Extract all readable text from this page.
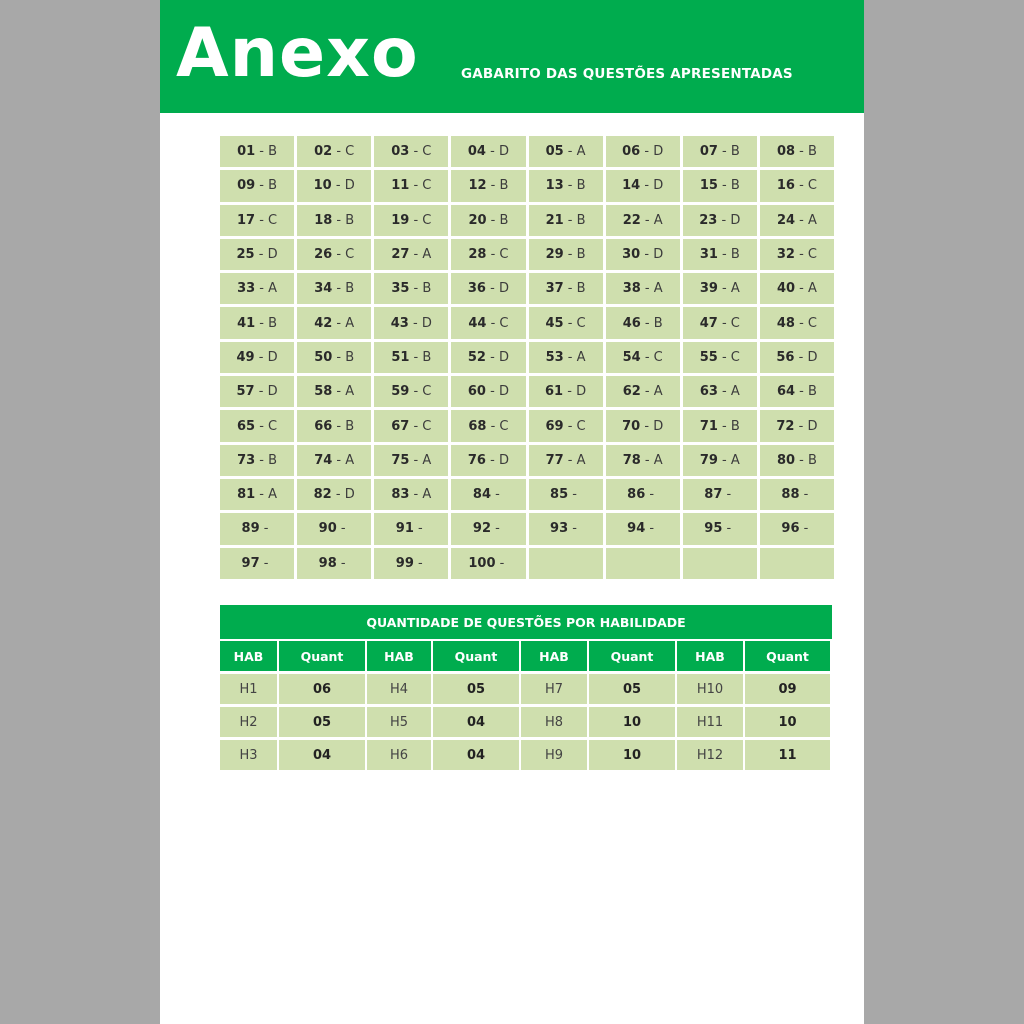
Anexo	GABARITO DAS QUESTÕES APRESENTADAS
01 - B	02 - C	03 - C	04 - D	05 - A	06 - D	07 - B	08 - B
09 - B	10 - D	11 - C	12 - B	13 - B	14 - D	15 - B	16 - C
17 - C	18 - B	19 - C	20 - B	21 - B	22 - A	23 - D	24 - A
25 - D	26 - C	27 - A	28 - C	29 - B	30 - D	31 - B	32 - C
33 - A	34 - B	35 - B	36 - D	37 - B	38 - A	39 - A	40 - A
41 - B	42 - A	43 - D	44 - C	45 - C	46 - B	47 - C	48 - C
49 - D	50 - B	51 - B	52 - D	53 - A	54 - C	55 - C	56 - D
57 - D	58 - A	59 - C	60 - D	61 - D	62 - A	63 - A	64 - B
65 - C	66 - B	67 - C	68 - C	69 - C	70 - D	71 - B	72 - D
73 - B	74 - A	75 - A	76 - D	77 - A	78 - A	79 - A	80 - B
81 - A	82 - D	83 - A	84 -	85 -	86 -	87 -	88 -
89 -	90 -	91 -	92 -	93 -	94 -	95 -	96 -
97 -	98 -	99 -	100 -
QUANTIDADE DE QUESTÕES POR HABILIDADE
HAB	Quant	HAB	Quant	HAB	Quant	HAB	Quant
H1	06	H4	05	H7	05	H10	09
H2	05	H5	04	H8	10	H11	10
H3	04	H6	04	H9	10	H12	11
